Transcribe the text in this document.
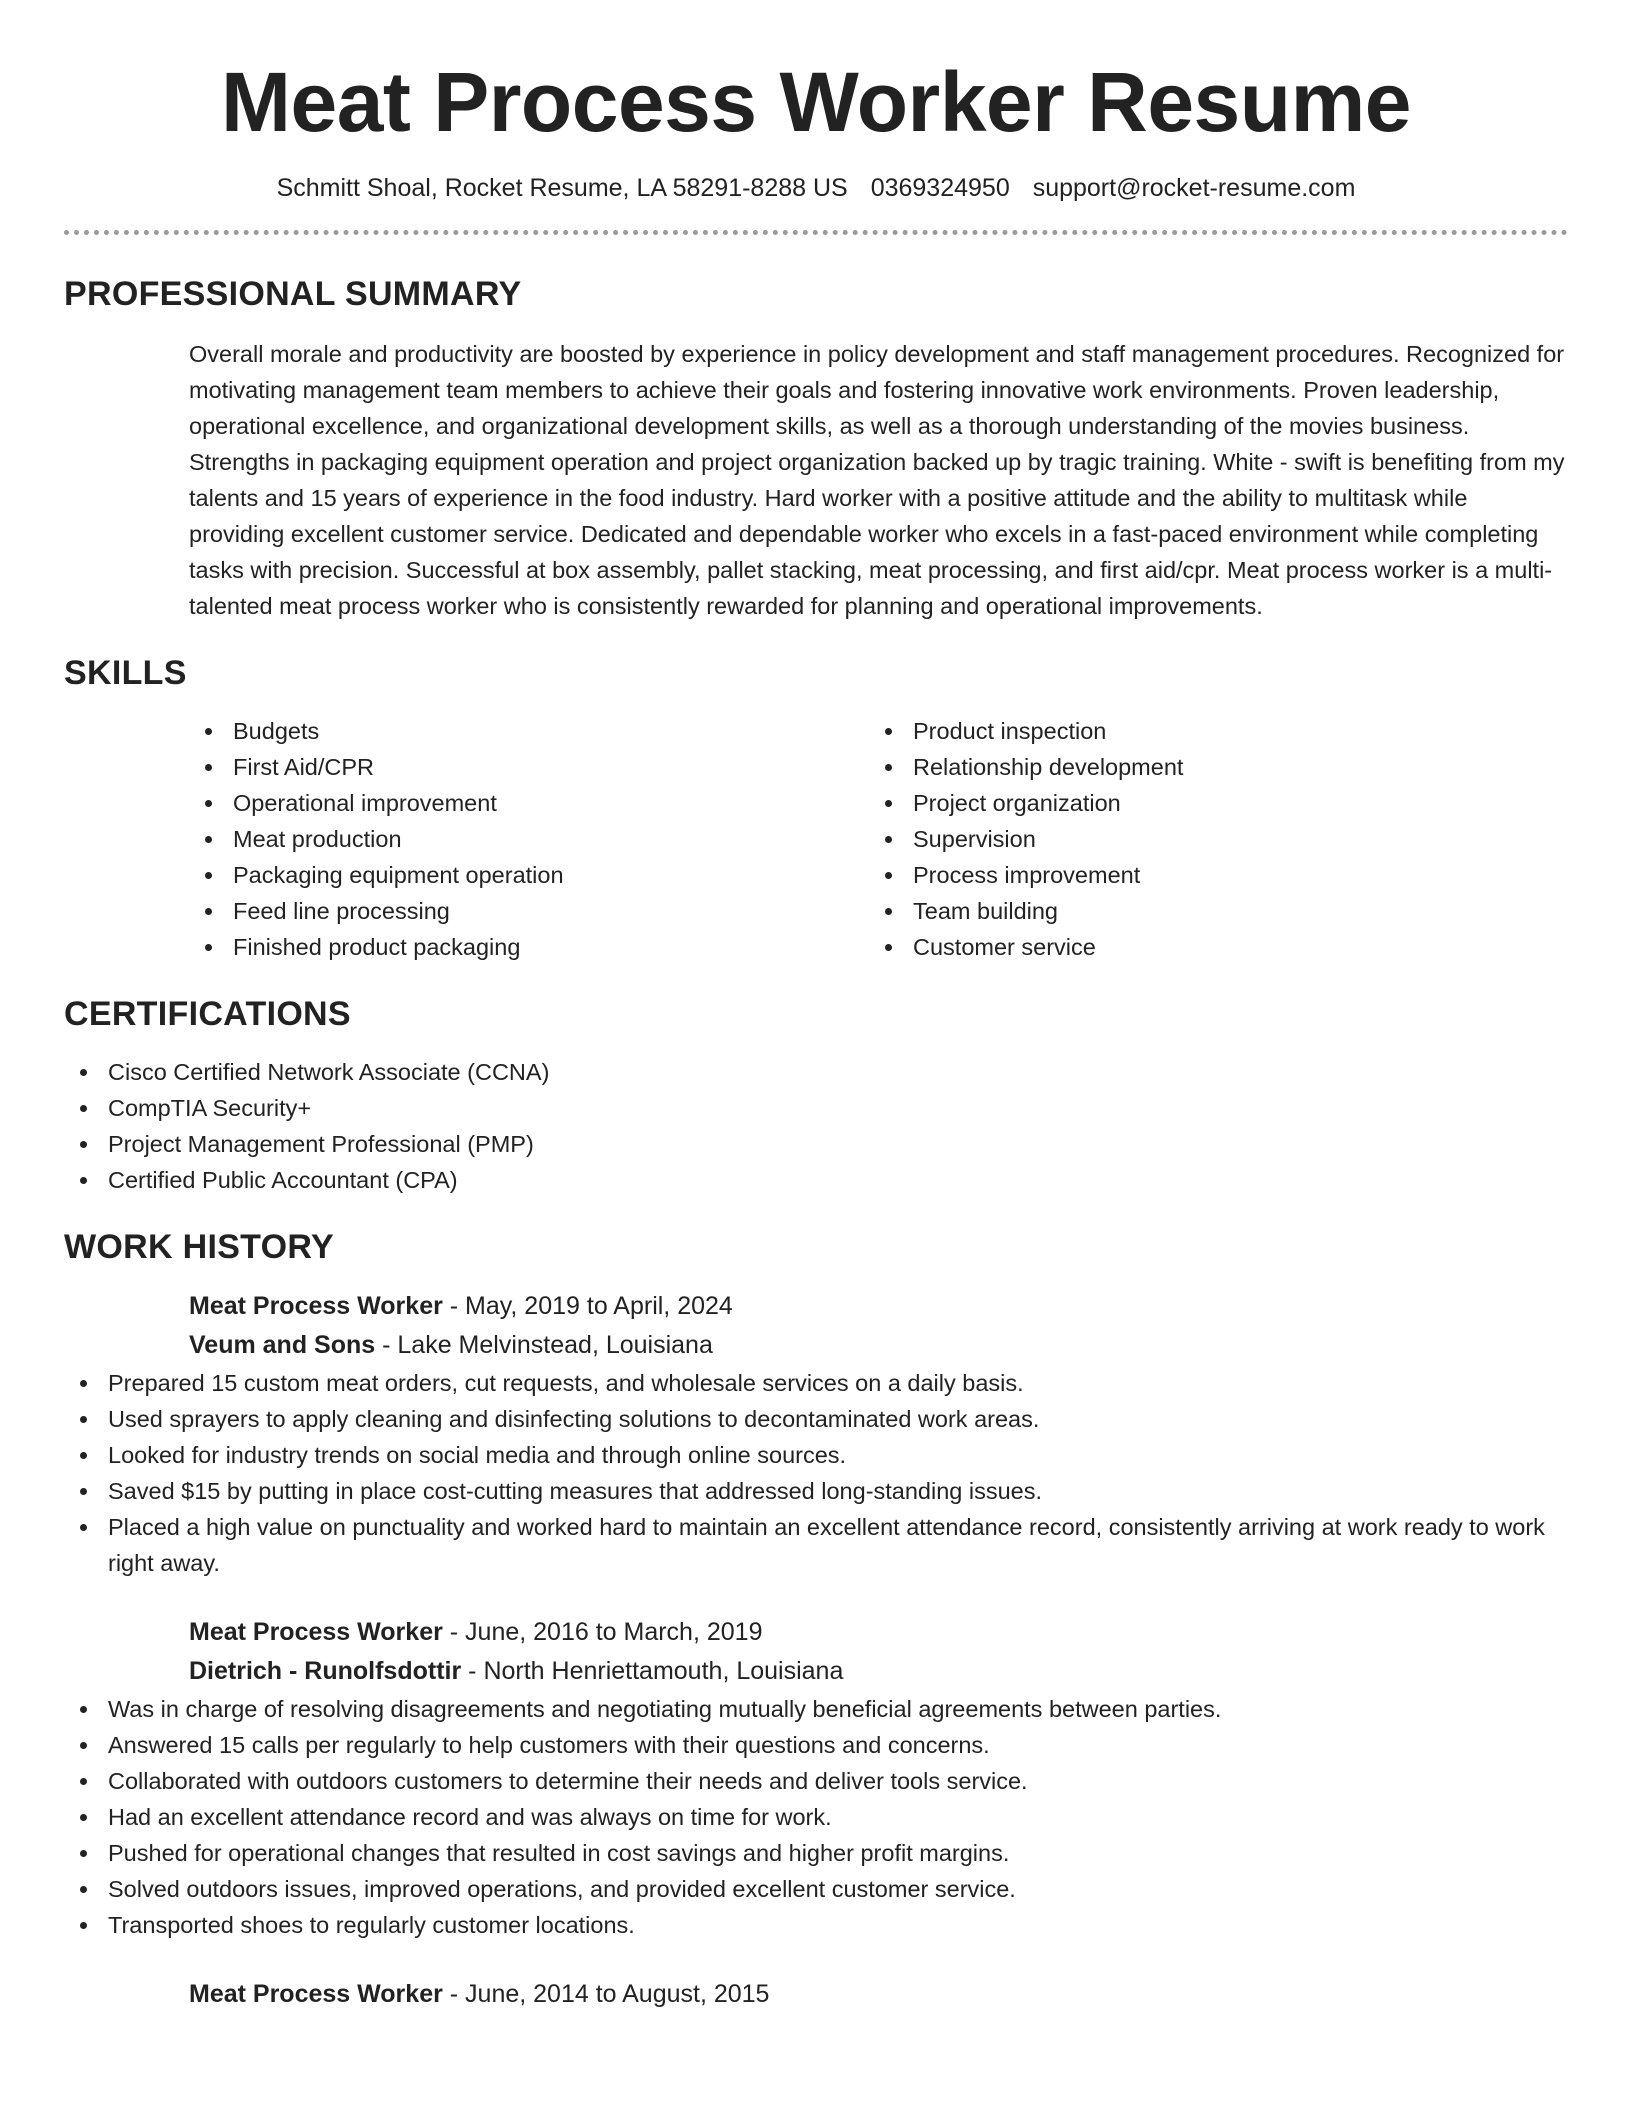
Meat Process Worker Resume
Schmitt Shoal, Rocket Resume, LA 58291-8288 US 0369324950 support@rocket-resume.com
PROFESSIONAL SUMMARY

Overall morale and productivity are boosted by experience in policy development and staff management procedures. Recognized for motivating management team members to achieve their goals and fostering innovative work environments. Proven leadership, operational excellence, and organizational development skills, as well as a thorough understanding of the movies business. Strengths in packaging equipment operation and project organization backed up by tragic training. White - swift is benefiting from my talents and 15 years of experience in the food industry. Hard worker with a positive attitude and the ability to multitask while providing excellent customer service. Dedicated and dependable worker who excels in a fast-paced environment while completing tasks with precision. Successful at box assembly, pallet stacking, meat processing, and first aid/cpr. Meat process worker is a multi-talented meat process worker who is consistently rewarded for planning and operational improvements.

SKILLS
Budgets
First Aid/CPR
Operational improvement
Meat production
Packaging equipment operation
Feed line processing
Finished product packaging
Product inspection
Relationship development
Project organization
Supervision
Process improvement
Team building
Customer service
CERTIFICATIONS
Cisco Certified Network Associate (CCNA)
CompTIA Security+
Project Management Professional (PMP)
Certified Public Accountant (CPA)
WORK HISTORY
Meat Process Worker - May, 2019 to April, 2024
Veum and Sons - Lake Melvinstead, Louisiana
Prepared 15 custom meat orders, cut requests, and wholesale services on a daily basis.
Used sprayers to apply cleaning and disinfecting solutions to decontaminated work areas.
Looked for industry trends on social media and through online sources.
Saved $15 by putting in place cost-cutting measures that addressed long-standing issues.
Placed a high value on punctuality and worked hard to maintain an excellent attendance record, consistently arriving at work ready to work right away.
Meat Process Worker - June, 2016 to March, 2019
Dietrich - Runolfsdottir - North Henriettamouth, Louisiana
Was in charge of resolving disagreements and negotiating mutually beneficial agreements between parties.
Answered 15 calls per regularly to help customers with their questions and concerns.
Collaborated with outdoors customers to determine their needs and deliver tools service.
Had an excellent attendance record and was always on time for work.
Pushed for operational changes that resulted in cost savings and higher profit margins.
Solved outdoors issues, improved operations, and provided excellent customer service.
Transported shoes to regularly customer locations.
Meat Process Worker - June, 2014 to August, 2015
